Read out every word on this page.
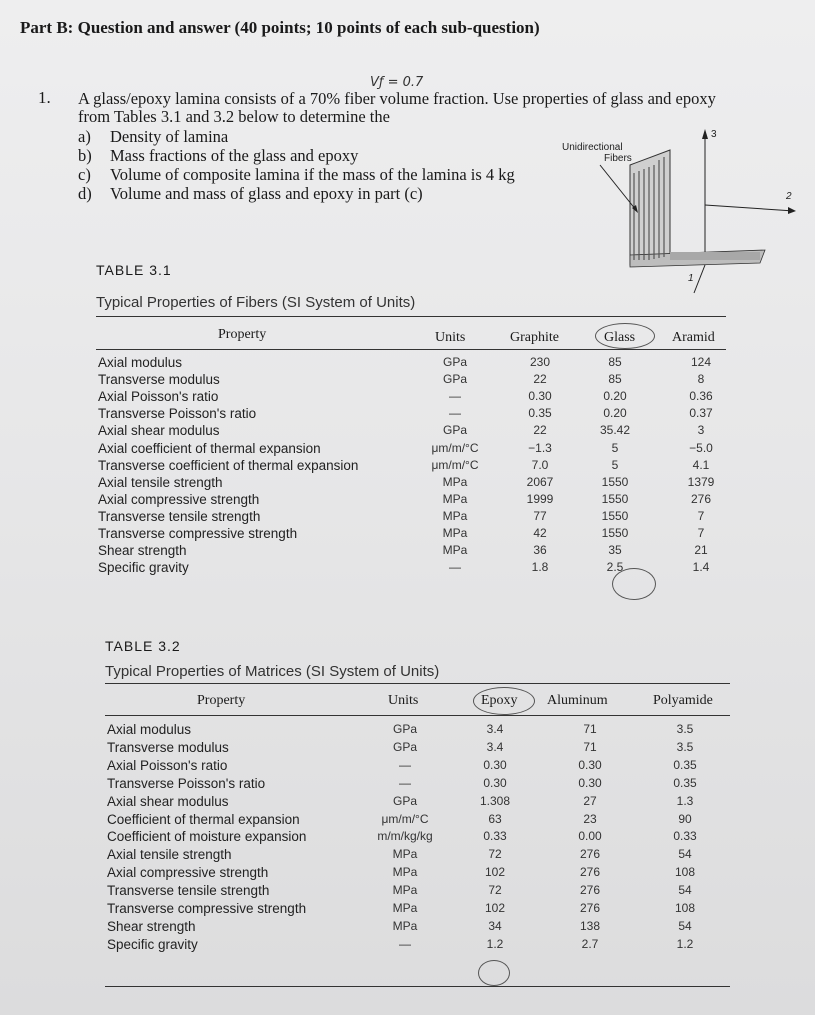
Part B: Question and answer (40 points; 10 points of each sub-question)
Vƒ = 0.7
1. A glass/epoxy lamina consists of a 70% fiber volume fraction. Use properties of glass and epoxy from Tables 3.1 and 3.2 below to determine the
a) Density of lamina
b) Mass fractions of the glass and epoxy
c) Volume of composite lamina if the mass of the lamina is 4 kg
d) Volume and mass of glass and epoxy in part (c)
3
2
1
Unidirectional
Fibers
TABLE 3.1
Typical Properties of Fibers (SI System of Units)
Property	Units	Graphite	Glass	Aramid
Axial modulus	GPa	230	85	124
Transverse modulus	GPa	22	85	8
Axial Poisson's ratio	—	0.30	0.20	0.36
Transverse Poisson's ratio	—	0.35	0.20	0.37
Axial shear modulus	GPa	22	35.42	3
Axial coefficient of thermal expansion	μm/m/°C	−1.3	5	−5.0
Transverse coefficient of thermal expansion	μm/m/°C	7.0	5	4.1
Axial tensile strength	MPa	2067	1550	1379
Axial compressive strength	MPa	1999	1550	276
Transverse tensile strength	MPa	77	1550	7
Transverse compressive strength	MPa	42	1550	7
Shear strength	MPa	36	35	21
Specific gravity	—	1.8	2.5	1.4
TABLE 3.2
Typical Properties of Matrices (SI System of Units)
Property	Units	Epoxy Aluminum	Polyamide
Axial modulus	GPa	3.4	71	3.5
Transverse modulus	GPa	3.4	71	3.5
Axial Poisson's ratio	—	0.30	0.30	0.35
Transverse Poisson's ratio	—	0.30	0.30	0.35
Axial shear modulus	GPa	1.308	27	1.3
Coefficient of thermal expansion	μm/m/°C	63	23	90
Coefficient of moisture expansion	m/m/kg/kg	0.33	0.00	0.33
Axial tensile strength	MPa	72	276	54
Axial compressive strength	MPa	102	276	108
Transverse tensile strength	MPa	72	276	54
Transverse compressive strength	MPa	102	276	108
Shear strength	MPa	34	138	54
Specific gravity	—	1.2	2.7	1.2
